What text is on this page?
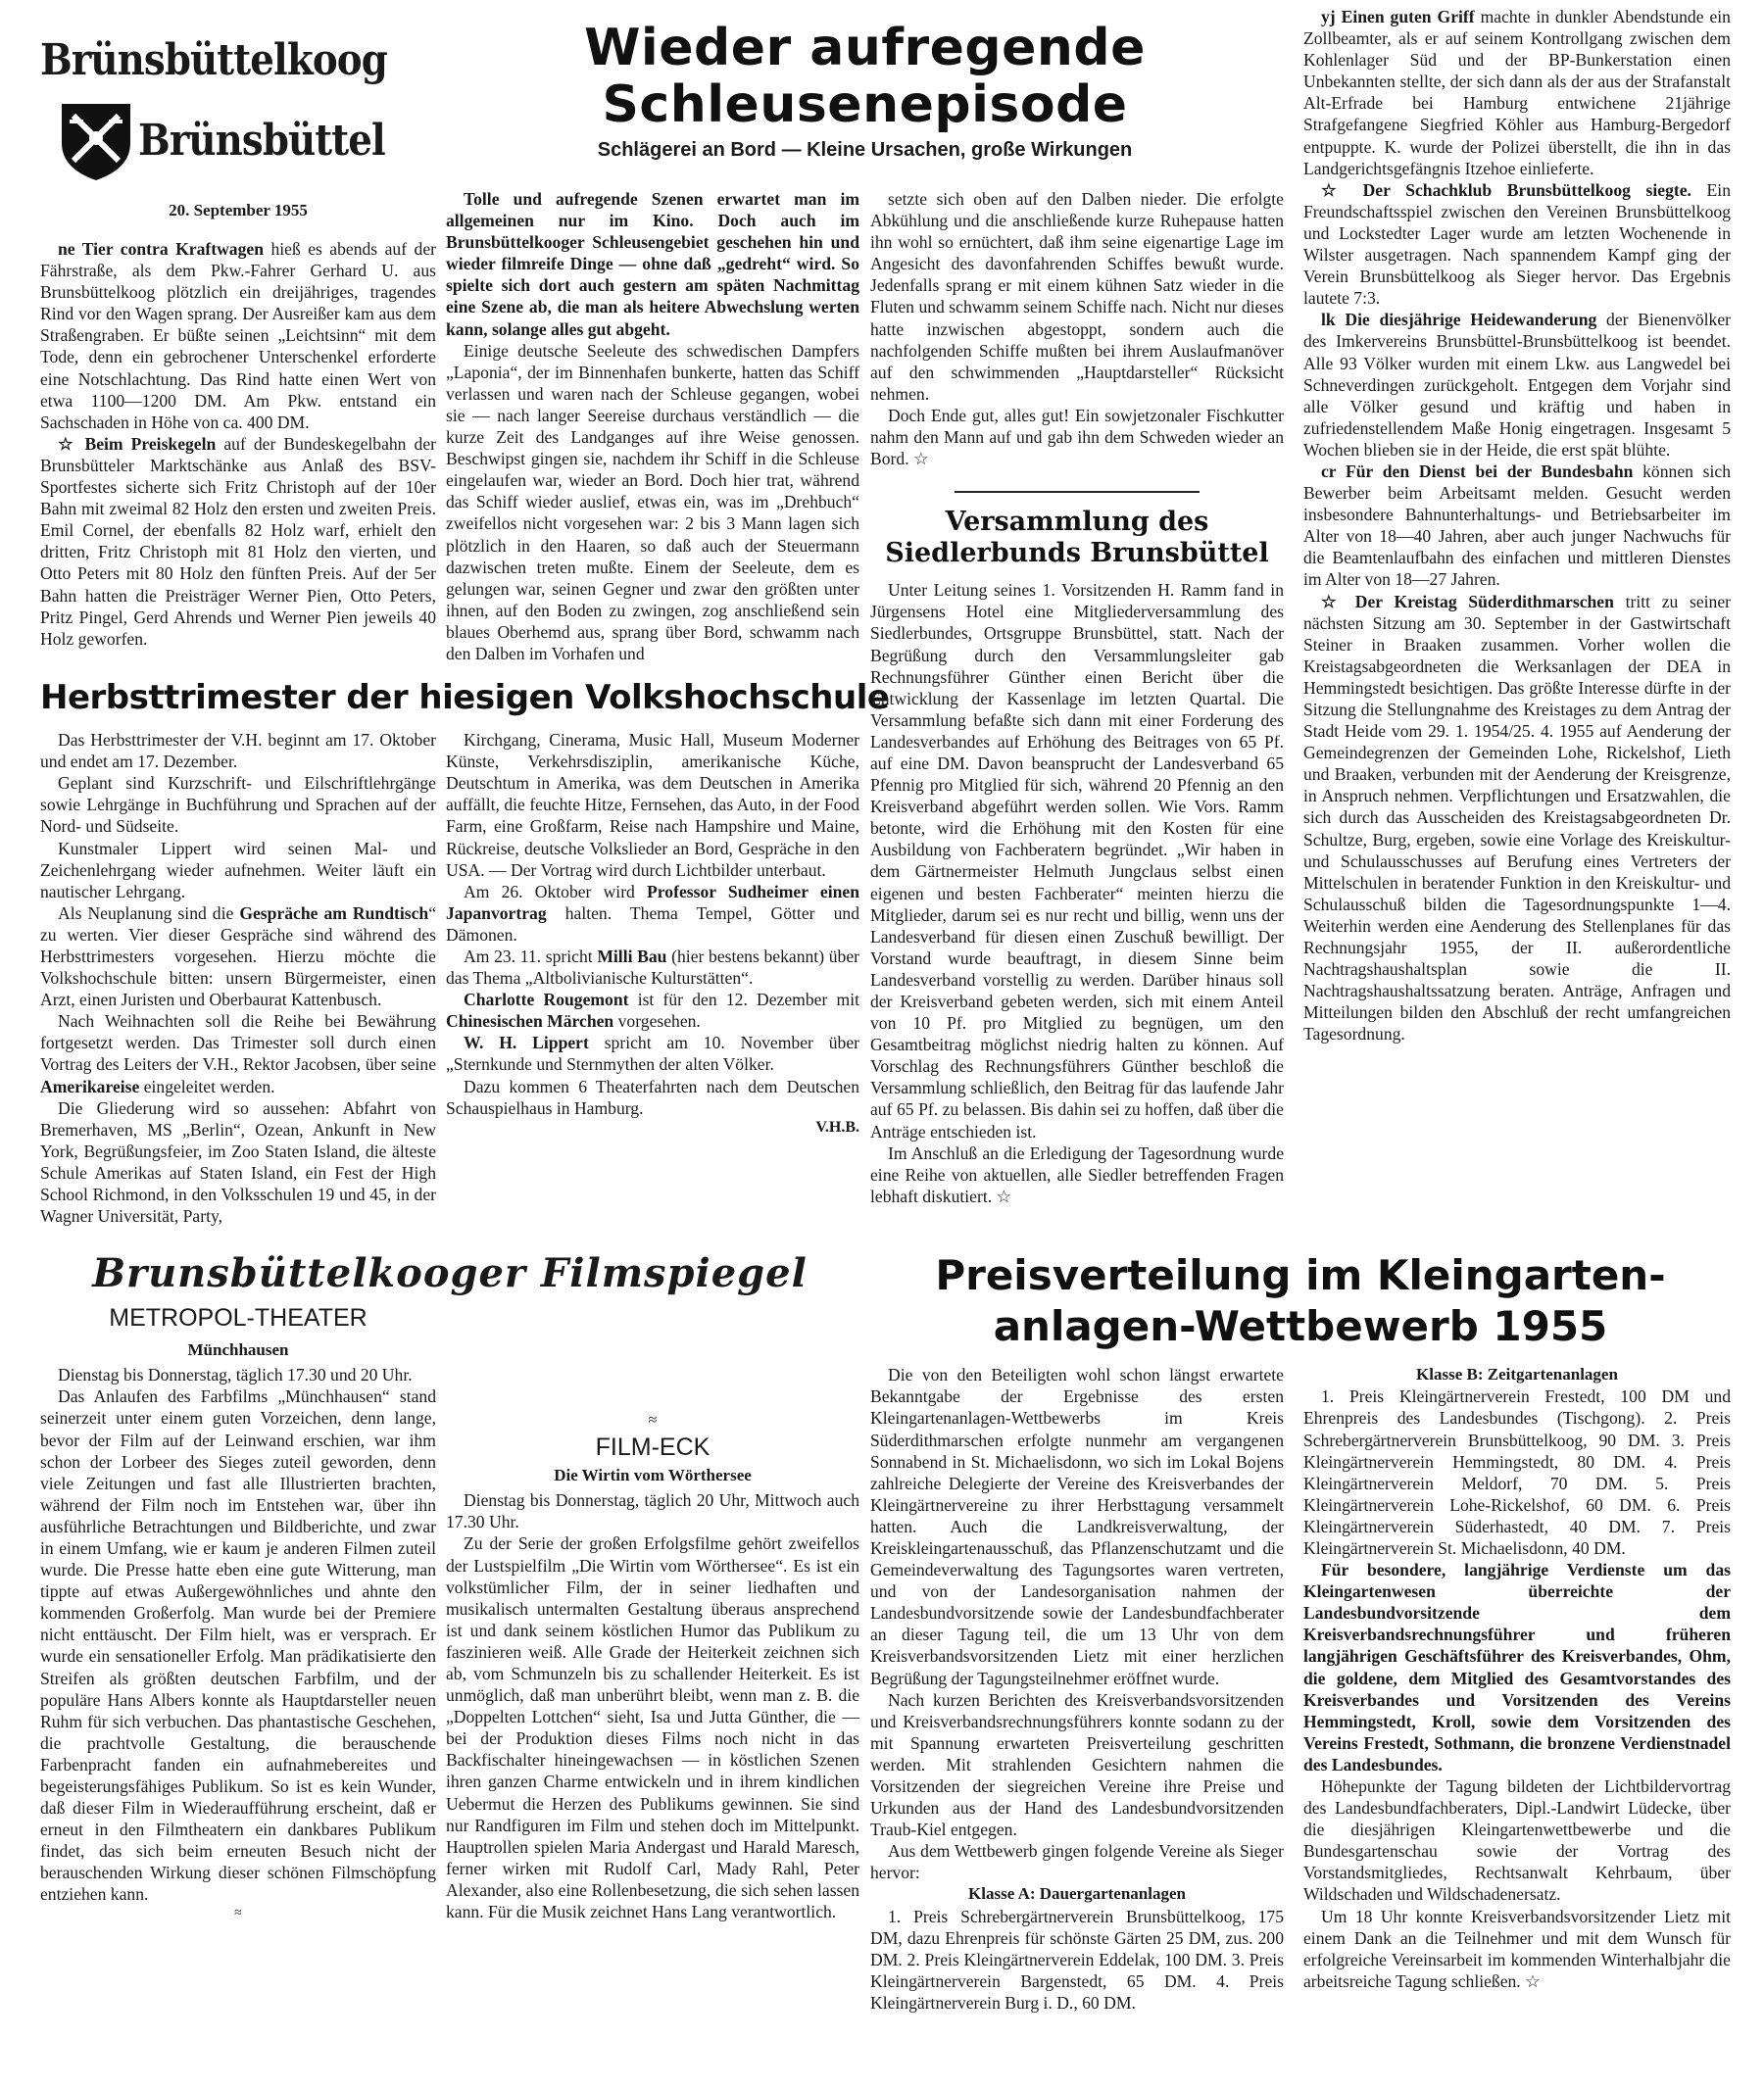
Wieder aufregende
Schleusenepisode
Schlägerei an Bord — Kleine Ursachen, große Wirkungen
Brünsbüttelkoog
Brünsbüttel
20. September 1955

ne Tier contra Kraftwagen hieß es abends auf der Fährstraße, als dem Pkw.-Fahrer Gerhard U. aus Brunsbüttelkoog plötzlich ein dreijähriges, tragendes Rind vor den Wagen sprang. Der Ausreißer kam aus dem Straßengraben. Er büßte seinen „Leichtsinn“ mit dem Tode, denn ein gebrochener Unterschenkel erforderte eine Notschlachtung. Das Rind hatte einen Wert von etwa 1100—1200 DM. Am Pkw. entstand ein Sachschaden in Höhe von ca. 400 DM.

☆ Beim Preiskegeln auf der Bundeskegelbahn der Brunsbütteler Marktschänke aus Anlaß des BSV-Sportfestes sicherte sich Fritz Christoph auf der 10er Bahn mit zweimal 82 Holz den ersten und zweiten Preis. Emil Cornel, der ebenfalls 82 Holz warf, erhielt den dritten, Fritz Christoph mit 81 Holz den vierten, und Otto Peters mit 80 Holz den fünften Preis. Auf der 5er Bahn hatten die Preisträger Werner Pien, Otto Peters, Pritz Pingel, Gerd Ahrends und Werner Pien jeweils 40 Holz geworfen.

Tolle und aufregende Szenen erwartet man im allgemeinen nur im Kino. Doch auch im Brunsbüttelkooger Schleusengebiet geschehen hin und wieder filmreife Dinge — ohne daß „gedreht“ wird. So spielte sich dort auch gestern am späten Nachmittag eine Szene ab, die man als heitere Abwechslung werten kann, solange alles gut abgeht.

Einige deutsche Seeleute des schwedischen Dampfers „Laponia“, der im Binnenhafen bunkerte, hatten das Schiff verlassen und waren nach der Schleuse gegangen, wobei sie — nach langer Seereise durchaus verständlich — die kurze Zeit des Landganges auf ihre Weise genossen. Beschwipst gingen sie, nachdem ihr Schiff in die Schleuse eingelaufen war, wieder an Bord. Doch hier trat, während das Schiff wieder auslief, etwas ein, was im „Drehbuch“ zweifellos nicht vorgesehen war: 2 bis 3 Mann lagen sich plötzlich in den Haaren, so daß auch der Steuermann dazwischen treten mußte. Einem der Seeleute, dem es gelungen war, seinen Gegner und zwar den größten unter ihnen, auf den Boden zu zwingen, zog anschließend sein blaues Oberhemd aus, sprang über Bord, schwamm nach den Dalben im Vorhafen und

Herbsttrimester der hiesigen Volkshochschule

Das Herbsttrimester der V.H. beginnt am 17. Oktober und endet am 17. Dezember.

Geplant sind Kurzschrift- und Eilschriftlehrgänge sowie Lehrgänge in Buchführung und Sprachen auf der Nord- und Südseite.

Kunstmaler Lippert wird seinen Mal- und Zeichenlehrgang wieder aufnehmen. Weiter läuft ein nautischer Lehrgang.

Als Neuplanung sind die Gespräche am Rundtisch“ zu werten. Vier dieser Gespräche sind während des Herbsttrimesters vorgesehen. Hierzu möchte die Volkshochschule bitten: unsern Bürgermeister, einen Arzt, einen Juristen und Oberbaurat Kattenbusch.

Nach Weihnachten soll die Reihe bei Bewährung fortgesetzt werden. Das Trimester soll durch einen Vortrag des Leiters der V.H., Rektor Jacobsen, über seine Amerikareise eingeleitet werden.

Die Gliederung wird so aussehen: Abfahrt von Bremerhaven, MS „Berlin“, Ozean, Ankunft in New York, Begrüßungsfeier, im Zoo Staten Island, die älteste Schule Amerikas auf Staten Island, ein Fest der High School Richmond, in den Volksschulen 19 und 45, in der Wagner Universität, Party,

Kirchgang, Cinerama, Music Hall, Museum Moderner Künste, Verkehrsdisziplin, amerikanische Küche, Deutschtum in Amerika, was dem Deutschen in Amerika auffällt, die feuchte Hitze, Fernsehen, das Auto, in der Food Farm, eine Großfarm, Reise nach Hampshire und Maine, Rückreise, deutsche Volkslieder an Bord, Gespräche in den USA. — Der Vortrag wird durch Lichtbilder unterbaut.

Am 26. Oktober wird Professor Sudheimer einen Japanvortrag halten. Thema Tempel, Götter und Dämonen.

Am 23. 11. spricht Milli Bau (hier bestens bekannt) über das Thema „Altbolivianische Kulturstätten“.

Charlotte Rougemont ist für den 12. Dezember mit Chinesischen Märchen vorgesehen.

W. H. Lippert spricht am 10. November über „Sternkunde und Sternmythen der alten Völker.

Dazu kommen 6 Theaterfahrten nach dem Deutschen Schauspielhaus in Hamburg.

V.H.B.

setzte sich oben auf den Dalben nieder. Die erfolgte Abkühlung und die anschließende kurze Ruhepause hatten ihn wohl so ernüchtert, daß ihm seine eigenartige Lage im Angesicht des davonfahrenden Schiffes bewußt wurde. Jedenfalls sprang er mit einem kühnen Satz wieder in die Fluten und schwamm seinem Schiffe nach. Nicht nur dieses hatte inzwischen abgestoppt, sondern auch die nachfolgenden Schiffe mußten bei ihrem Auslaufmanöver auf den schwimmenden „Hauptdarsteller“ Rücksicht nehmen.

Doch Ende gut, alles gut! Ein sowjetzonaler Fischkutter nahm den Mann auf und gab ihn dem Schweden wieder an Bord. ☆

Versammlung des
Siedlerbunds Brunsbüttel

Unter Leitung seines 1. Vorsitzenden H. Ramm fand in Jürgensens Hotel eine Mitgliederversammlung des Siedlerbundes, Ortsgruppe Brunsbüttel, statt. Nach der Begrüßung durch den Versammlungsleiter gab Rechnungsführer Günther einen Bericht über die Entwicklung der Kassenlage im letzten Quartal. Die Versammlung befaßte sich dann mit einer Forderung des Landesverbandes auf Erhöhung des Beitrages von 65 Pf. auf eine DM. Davon beansprucht der Landesverband 65 Pfennig pro Mitglied für sich, während 20 Pfennig an den Kreisverband abgeführt werden sollen. Wie Vors. Ramm betonte, wird die Erhöhung mit den Kosten für eine Ausbildung von Fachberatern begründet. „Wir haben in dem Gärtnermeister Helmuth Jungclaus selbst einen eigenen und besten Fachberater“ meinten hierzu die Mitglieder, darum sei es nur recht und billig, wenn uns der Landesverband für diesen einen Zuschuß bewilligt. Der Vorstand wurde beauftragt, in diesem Sinne beim Landesverband vorstellig zu werden. Darüber hinaus soll der Kreisverband gebeten werden, sich mit einem Anteil von 10 Pf. pro Mitglied zu begnügen, um den Gesamtbeitrag möglichst niedrig halten zu können. Auf Vorschlag des Rechnungsführers Günther beschloß die Versammlung schließlich, den Beitrag für das laufende Jahr auf 65 Pf. zu belassen. Bis dahin sei zu hoffen, daß über die Anträge entschieden ist.

Im Anschluß an die Erledigung der Tagesordnung wurde eine Reihe von aktuellen, alle Siedler betreffenden Fragen lebhaft diskutiert. ☆

yj Einen guten Griff machte in dunkler Abendstunde ein Zollbeamter, als er auf seinem Kontrollgang zwischen dem Kohlenlager Süd und der BP-Bunkerstation einen Unbekannten stellte, der sich dann als der aus der Strafanstalt Alt-Erfrade bei Hamburg entwichene 21jährige Strafgefangene Siegfried Köhler aus Hamburg-Bergedorf entpuppte. K. wurde der Polizei überstellt, die ihn in das Landgerichtsgefängnis Itzehoe einlieferte.

☆ Der Schachklub Brunsbüttelkoog siegte. Ein Freundschaftsspiel zwischen den Vereinen Brunsbüttelkoog und Lockstedter Lager wurde am letzten Wochenende in Wilster ausgetragen. Nach spannendem Kampf ging der Verein Brunsbüttelkoog als Sieger hervor. Das Ergebnis lautete 7:3.

lk Die diesjährige Heidewanderung der Bienenvölker des Imkervereins Brunsbüttel-Brunsbüttelkoog ist beendet. Alle 93 Völker wurden mit einem Lkw. aus Langwedel bei Schneverdingen zurückgeholt. Entgegen dem Vorjahr sind alle Völker gesund und kräftig und haben in zufriedenstellendem Maße Honig eingetragen. Insgesamt 5 Wochen blieben sie in der Heide, die erst spät blühte.

cr Für den Dienst bei der Bundesbahn können sich Bewerber beim Arbeitsamt melden. Gesucht werden insbesondere Bahnunterhaltungs- und Betriebsarbeiter im Alter von 18—40 Jahren, aber auch junger Nachwuchs für die Beamtenlaufbahn des einfachen und mittleren Dienstes im Alter von 18—27 Jahren.

☆ Der Kreistag Süderdithmarschen tritt zu seiner nächsten Sitzung am 30. September in der Gastwirtschaft Steiner in Braaken zusammen. Vorher wollen die Kreistagsabgeordneten die Werksanlagen der DEA in Hemmingstedt besichtigen. Das größte Interesse dürfte in der Sitzung die Stellungnahme des Kreistages zu dem Antrag der Stadt Heide vom 29. 1. 1954/25. 4. 1955 auf Aenderung der Gemeindegrenzen der Gemeinden Lohe, Rickelshof, Lieth und Braaken, verbunden mit der Aenderung der Kreisgrenze, in Anspruch nehmen. Verpflichtungen und Ersatzwahlen, die sich durch das Ausscheiden des Kreistagsabgeordneten Dr. Schultze, Burg, ergeben, sowie eine Vorlage des Kreiskultur- und Schulausschusses auf Berufung eines Vertreters der Mittelschulen in beratender Funktion in den Kreiskultur- und Schulausschuß bilden die Tagesordnungspunkte 1—4. Weiterhin werden eine Aenderung des Stellenplanes für das Rechnungsjahr 1955, der II. außerordentliche Nachtragshaushaltsplan sowie die II. Nachtragshaushaltssatzung beraten. Anträge, Anfragen und Mitteilungen bilden den Abschluß der recht umfangreichen Tagesordnung.

Brunsbüttelkooger Filmspiegel
METROPOL-THEATER
Münchhausen

Dienstag bis Donnerstag, täglich 17.30 und 20 Uhr.

Das Anlaufen des Farbfilms „Münchhausen“ stand seinerzeit unter einem guten Vorzeichen, denn lange, bevor der Film auf der Leinwand erschien, war ihm schon der Lorbeer des Sieges zuteil geworden, denn viele Zeitungen und fast alle Illustrierten brachten, während der Film noch im Entstehen war, über ihn ausführliche Betrachtungen und Bildberichte, und zwar in einem Umfang, wie er kaum je anderen Filmen zuteil wurde. Die Presse hatte eben eine gute Witterung, man tippte auf etwas Außergewöhnliches und ahnte den kommenden Großerfolg. Man wurde bei der Premiere nicht enttäuscht. Der Film hielt, was er versprach. Er wurde ein sensationeller Erfolg. Man prädikatisierte den Streifen als größten deutschen Farbfilm, und der populäre Hans Albers konnte als Hauptdarsteller neuen Ruhm für sich verbuchen. Das phantastische Geschehen, die prachtvolle Gestaltung, die berauschende Farbenpracht fanden ein aufnahmebereites und begeisterungsfähiges Publikum. So ist es kein Wunder, daß dieser Film in Wiederaufführung erscheint, daß er erneut in den Filmtheatern ein dankbares Publikum findet, das sich beim erneuten Besuch nicht der berauschenden Wirkung dieser schönen Filmschöpfung entziehen kann.

≈
≈
FILM-ECK
Die Wirtin vom Wörthersee

Dienstag bis Donnerstag, täglich 20 Uhr, Mittwoch auch 17.30 Uhr.

Zu der Serie der großen Erfolgsfilme gehört zweifellos der Lustspielfilm „Die Wirtin vom Wörthersee“. Es ist ein volkstümlicher Film, der in seiner liedhaften und musikalisch untermalten Gestaltung überaus ansprechend ist und dank seinem köstlichen Humor das Publikum zu faszinieren weiß. Alle Grade der Heiterkeit zeichnen sich ab, vom Schmunzeln bis zu schallender Heiterkeit. Es ist unmöglich, daß man unberührt bleibt, wenn man z. B. die „Doppelten Lottchen“ sieht, Isa und Jutta Günther, die — bei der Produktion dieses Films noch nicht in das Backfischalter hineingewachsen — in köstlichen Szenen ihren ganzen Charme entwickeln und in ihrem kindlichen Uebermut die Herzen des Publikums gewinnen. Sie sind nur Randfiguren im Film und stehen doch im Mittelpunkt. Hauptrollen spielen Maria Andergast und Harald Maresch, ferner wirken mit Rudolf Carl, Mady Rahl, Peter Alexander, also eine Rollenbesetzung, die sich sehen lassen kann. Für die Musik zeichnet Hans Lang verantwortlich.

Preisverteilung im Kleingarten-
anlagen-Wettbewerb 1955

Die von den Beteiligten wohl schon längst erwartete Bekanntgabe der Ergebnisse des ersten Kleingartenanlagen-Wettbewerbs im Kreis Süderdithmarschen erfolgte nunmehr am vergangenen Sonnabend in St. Michaelisdonn, wo sich im Lokal Bojens zahlreiche Delegierte der Vereine des Kreisverbandes der Kleingärtnervereine zu ihrer Herbsttagung versammelt hatten. Auch die Landkreisverwaltung, der Kreiskleingartenausschuß, das Pflanzenschutzamt und die Gemeindeverwaltung des Tagungsortes waren vertreten, und von der Landesorganisation nahmen der Landesbundvorsitzende sowie der Landesbundfachberater an dieser Tagung teil, die um 13 Uhr von dem Kreisverbandsvorsitzenden Lietz mit einer herzlichen Begrüßung der Tagungsteilnehmer eröffnet wurde.

Nach kurzen Berichten des Kreisverbandsvorsitzenden und Kreisverbandsrechnungsführers konnte sodann zu der mit Spannung erwarteten Preisverteilung geschritten werden. Mit strahlenden Gesichtern nahmen die Vorsitzenden der siegreichen Vereine ihre Preise und Urkunden aus der Hand des Landesbundvorsitzenden Traub-Kiel entgegen.

Aus dem Wettbewerb gingen folgende Vereine als Sieger hervor:

Klasse A: Dauergartenanlagen

1. Preis Schrebergärtnerverein Brunsbüttelkoog, 175 DM, dazu Ehrenpreis für schönste Gärten 25 DM, zus. 200 DM. 2. Preis Kleingärtnerverein Eddelak, 100 DM. 3. Preis Kleingärtnerverein Bargenstedt, 65 DM. 4. Preis Kleingärtnerverein Burg i. D., 60 DM.

Klasse B: Zeitgartenanlagen

1. Preis Kleingärtnerverein Frestedt, 100 DM und Ehrenpreis des Landesbundes (Tischgong). 2. Preis Schrebergärtnerverein Brunsbüttelkoog, 90 DM. 3. Preis Kleingärtnerverein Hemmingstedt, 80 DM. 4. Preis Kleingärtnerverein Meldorf, 70 DM. 5. Preis Kleingärtnerverein Lohe-Rickelshof, 60 DM. 6. Preis Kleingärtnerverein Süderhastedt, 40 DM. 7. Preis Kleingärtnerverein St. Michaelisdonn, 40 DM.

Für besondere, langjährige Verdienste um das Kleingartenwesen überreichte der Landesbundvorsitzende dem Kreisverbandsrechnungsführer und früheren langjährigen Geschäftsführer des Kreisverbandes, Ohm, die goldene, dem Mitglied des Gesamtvorstandes des Kreisverbandes und Vorsitzenden des Vereins Hemmingstedt, Kroll, sowie dem Vorsitzenden des Vereins Frestedt, Sothmann, die bronzene Verdienstnadel des Landesbundes.

Höhepunkte der Tagung bildeten der Lichtbildervortrag des Landesbundfachberaters, Dipl.-Landwirt Lüdecke, über die diesjährigen Kleingartenwettbewerbe und die Bundesgartenschau sowie der Vortrag des Vorstandsmitgliedes, Rechtsanwalt Kehrbaum, über Wildschaden und Wildschadenersatz.

Um 18 Uhr konnte Kreisverbandsvorsitzender Lietz mit einem Dank an die Teilnehmer und mit dem Wunsch für erfolgreiche Vereinsarbeit im kommenden Winterhalbjahr die arbeitsreiche Tagung schließen. ☆
